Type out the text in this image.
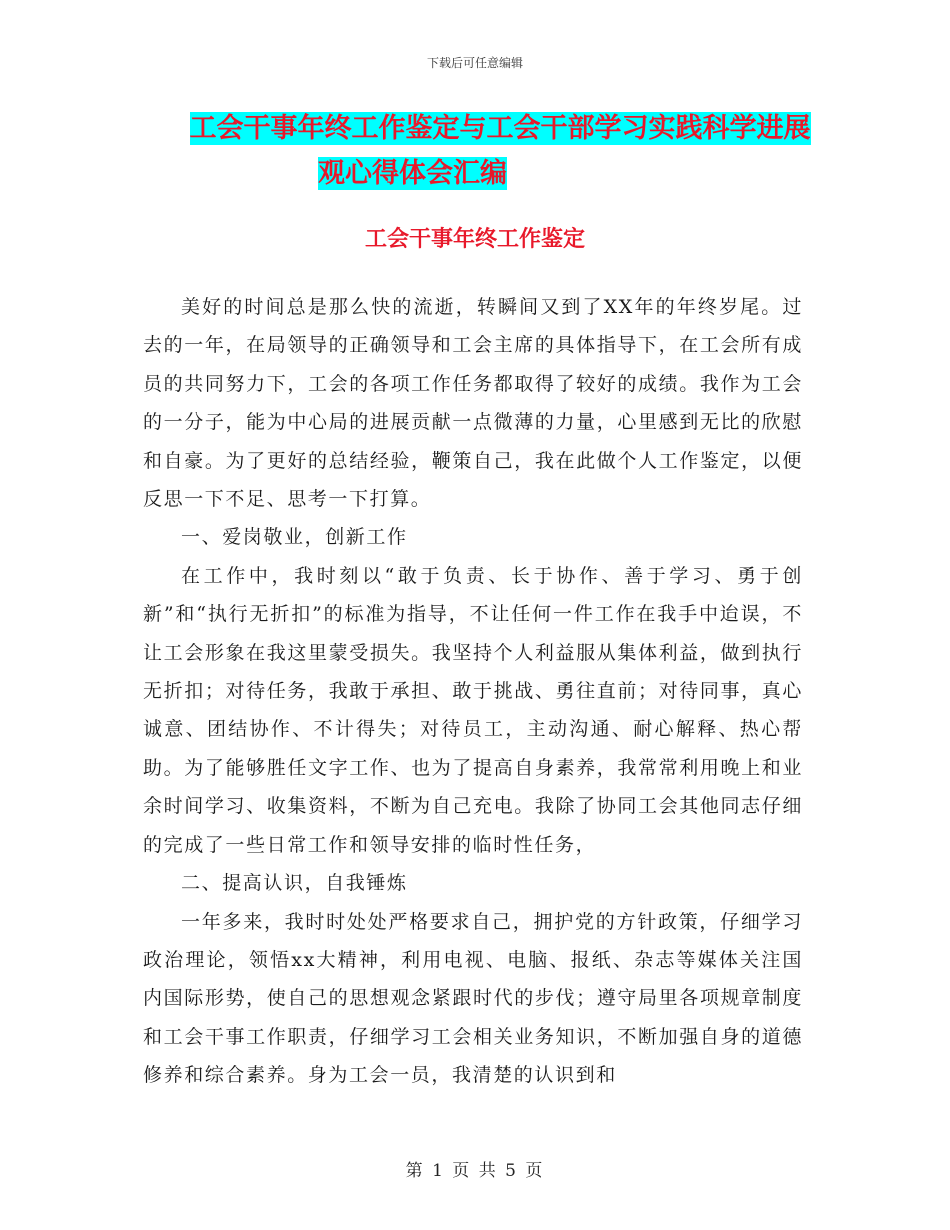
下载后可任意编辑
工会干事年终工作鉴定与工会干部学习实践科学进展
观心得体会汇编
工会干事年终工作鉴定

美好的时间总是那么快的流逝，转瞬间又到了XX年的年终岁尾。过去的一年，在局领导的正确领导和工会主席的具体指导下，在工会所有成员的共同努力下，工会的各项工作任务都取得了较好的成绩。我作为工会的一分子，能为中心局的进展贡献一点微薄的力量，心里感到无比的欣慰和自豪。为了更好的总结经验，鞭策自己，我在此做个人工作鉴定，以便反思一下不足、思考一下打算。

一、爱岗敬业，创新工作

在工作中，我时刻以“敢于负责、长于协作、善于学习、勇于创新”和“执行无折扣”的标准为指导，不让任何一件工作在我手中迨误，不让工会形象在我这里蒙受损失。我坚持个人利益服从集体利益，做到执行无折扣；对待任务，我敢于承担、敢于挑战、勇往直前；对待同事，真心诚意、团结协作、不计得失；对待员工，主动沟通、耐心解释、热心帮助。为了能够胜任文字工作、也为了提高自身素养，我常常利用晚上和业余时间学习、收集资料，不断为自己充电。我除了协同工会其他同志仔细的完成了一些日常工作和领导安排的临时性任务，

二、提高认识，自我锤炼

一年多来，我时时处处严格要求自己，拥护党的方针政策，仔细学习政治理论，领悟xx大精神，利用电视、电脑、报纸、杂志等媒体关注国内国际形势，使自己的思想观念紧跟时代的步伐；遵守局里各项规章制度和工会干事工作职责，仔细学习工会相关业务知识，不断加强自身的道德修养和综合素养。身为工会一员，我清楚的认识到和

第 1 页 共 5 页
